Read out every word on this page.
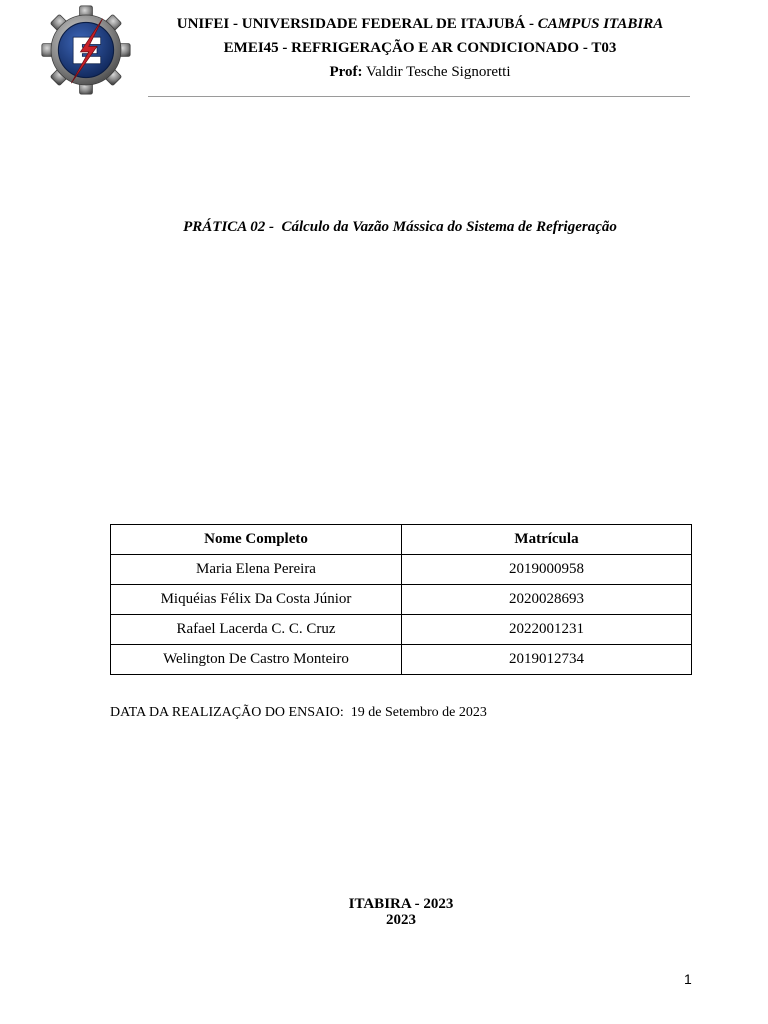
UNIFEI - UNIVERSIDADE FEDERAL DE ITAJUBÁ - CAMPUS ITABIRA
EMEI45 - REFRIGERAÇÃO E AR CONDICIONADO - T03
Prof: Valdir Tesche Signoretti
PRÁTICA 02 -  Cálculo da Vazão Mássica do Sistema de Refrigeração
Nome Completo	Matrícula
Maria Elena Pereira	2019000958
Miquéias Félix Da Costa Júnior	2020028693
Rafael Lacerda C. C. Cruz	2022001231
Welington De Castro Monteiro	2019012734
DATA DA REALIZAÇÃO DO ENSAIO:  19 de Setembro de 2023
ITABIRA - 2023
2023
1
